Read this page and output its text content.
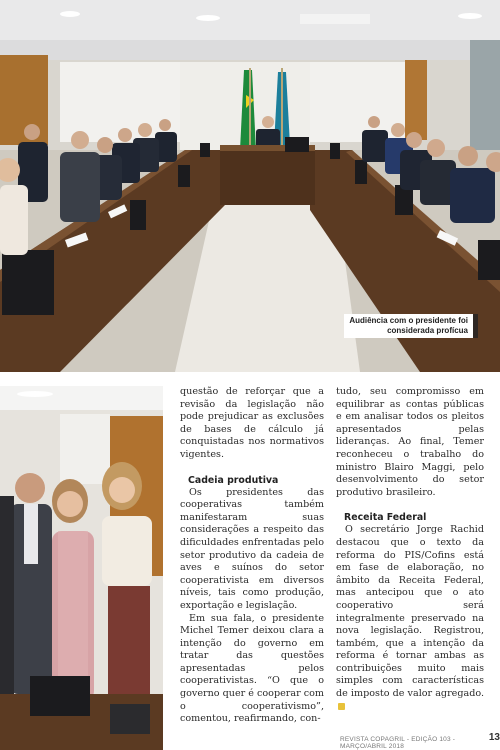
Audiência com o presidente foi considerada profícua

questão de reforçar que a revisão da legislação não pode prejudicar as exclusões de bases de cálculo já conquistadas nos normativos vigentes.

Cadeia produtiva

Os presidentes das cooperativas também manifestaram suas considerações a respeito das dificuldades enfrentadas pelo setor produtivo da cadeia de aves e suínos do setor cooperativista em diversos níveis, tais como produção, exportação e legislação.

Em sua fala, o presidente Michel Temer deixou clara a intenção do governo em tratar das questões apresentadas pelos cooperativistas. “O que o governo quer é cooperar com o cooperativismo”, comentou, reafirmando, con-

tudo, seu compromisso em equilibrar as contas públicas e em analisar todos os pleitos apresentados pelas lideranças. Ao final, Temer reconheceu o trabalho do ministro Blairo Maggi, pelo desenvolvimento do setor produtivo brasileiro.

Receita Federal

O secretário Jorge Rachid destacou que o texto da reforma do PIS/Cofins está em fase de elaboração, no âmbito da Receita Federal, mas antecipou que o ato cooperativo será integralmente preservado na nova legislação. Registrou, também, que a intenção da reforma é tornar ambas as contribuições muito mais simples com características de imposto de valor agregado.

REVISTA COPAGRIL - EDIÇÃO 103 - MARÇO/ABRIL 2018
13
